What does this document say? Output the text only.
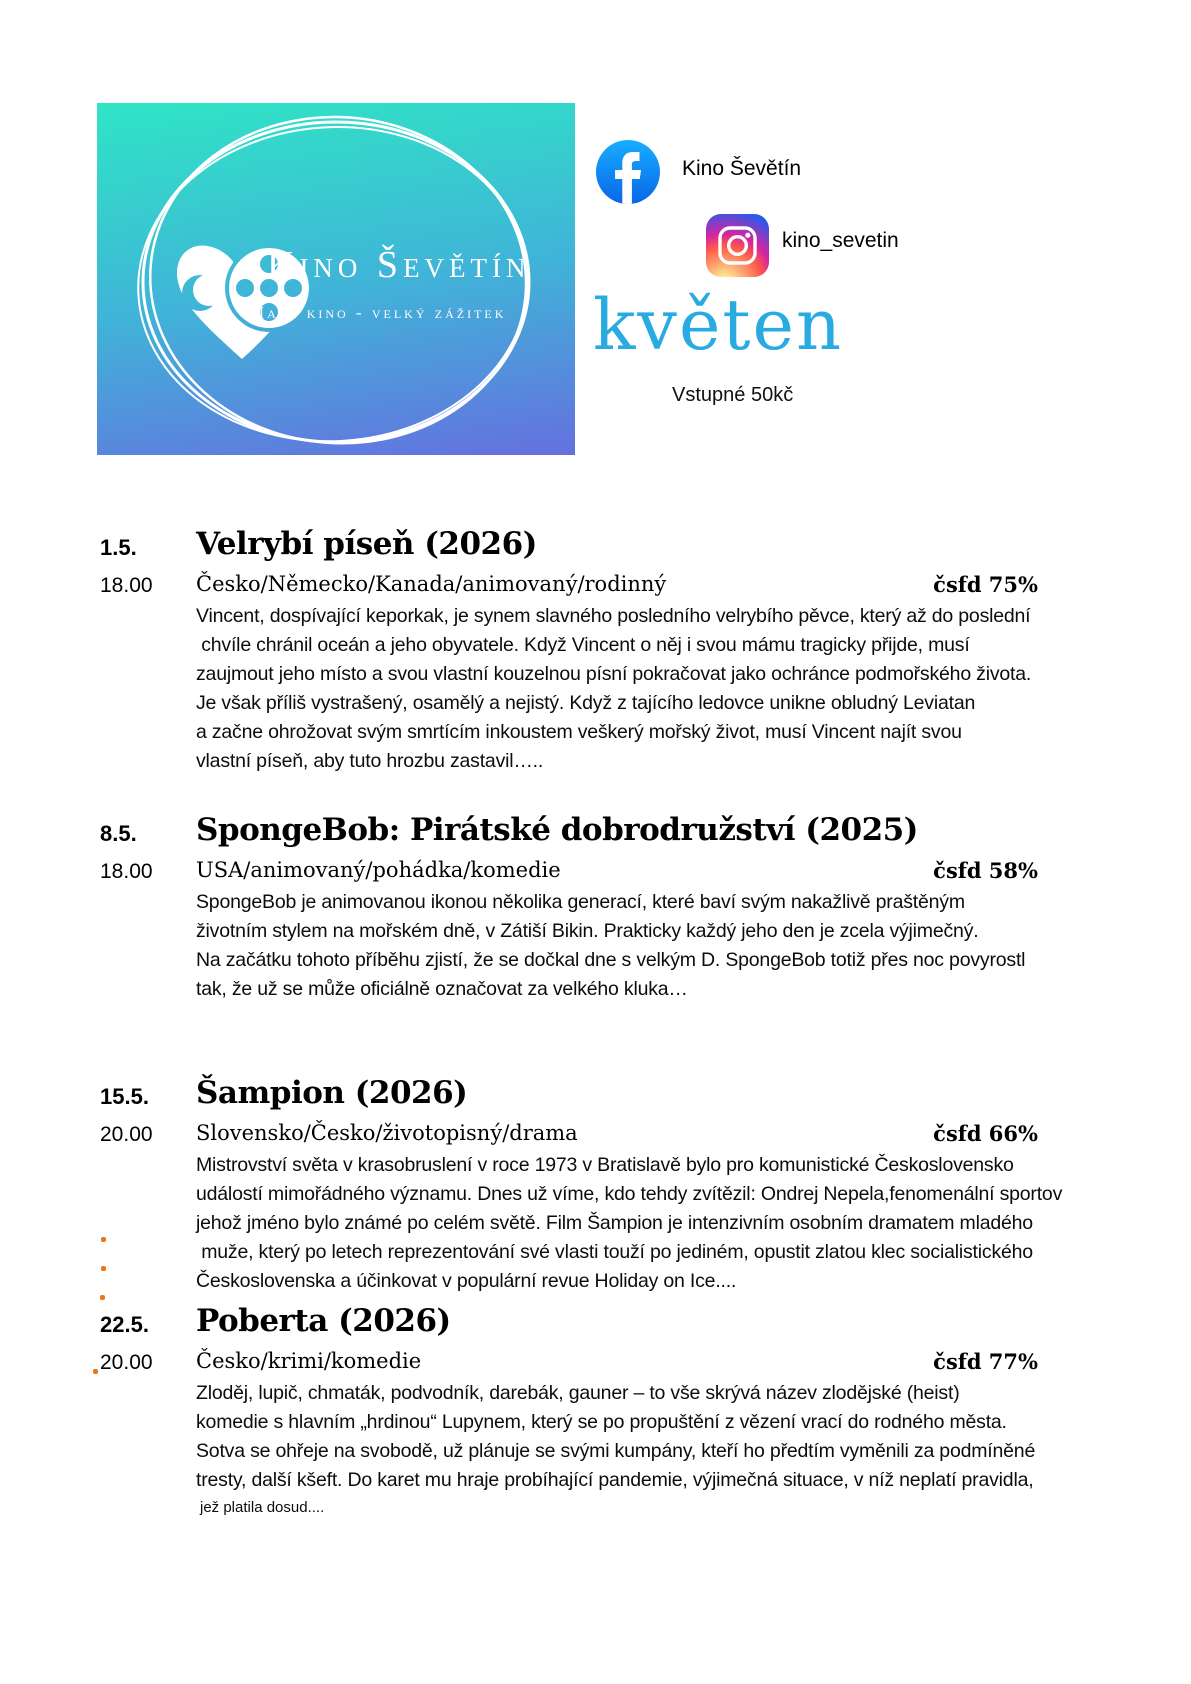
Kino Ševětín
Malé kino - velký zážitek
Kino Ševětín
kino_sevetin
květen
Vstupné 50kč
1.5. Velrybí píseň (2026)
18.00 Česko/Německo/Kanada/animovaný/rodinný	čsfd 75%
Vincent, dospívající keporkak, je synem slavného posledního velrybího pěvce, který až do poslední
chvíle chránil oceán a jeho obyvatele. Když Vincent o něj i svou mámu tragicky přijde, musí
zaujmout jeho místo a svou vlastní kouzelnou písní pokračovat jako ochránce podmořského života.
Je však příliš vystrašený, osamělý a nejistý. Když z tajícího ledovce unikne obludný Leviatan
a začne ohrožovat svým smrtícím inkoustem veškerý mořský život, musí Vincent najít svou
vlastní píseň, aby tuto hrozbu zastavil…..
8.5. SpongeBob: Pirátské dobrodružství (2025)
18.00 USA/animovaný/pohádka/komedie	čsfd 58%
SpongeBob je animovanou ikonou několika generací, které baví svým nakažlivě praštěným
životním stylem na mořském dně, v Zátiší Bikin. Prakticky každý jeho den je zcela výjimečný.
Na začátku tohoto příběhu zjistí, že se dočkal dne s velkým D. SpongeBob totiž přes noc povyrostl
tak, že už se může oficiálně označovat za velkého kluka…
15.5. Šampion (2026)
20.00 Slovensko/Česko/životopisný/drama	čsfd 66%
Mistrovství světa v krasobruslení v roce 1973 v Bratislavě bylo pro komunistické Československo
událostí mimořádného významu. Dnes už víme, kdo tehdy zvítězil: Ondrej Nepela,fenomenální sportov
jehož jméno bylo známé po celém světě. Film Šampion je intenzivním osobním dramatem mladého
muže, který po letech reprezentování své vlasti touží po jediném, opustit zlatou klec socialistického
Československa a účinkovat v populární revue Holiday on Ice....
22.5. Poberta (2026)
20.00 Česko/krimi/komedie	čsfd 77%
Zloděj, lupič, chmaták, podvodník, darebák, gauner – to vše skrývá název zlodějské (heist)
komedie s hlavním „hrdinou“ Lupynem, který se po propuštění z vězení vrací do rodného města.
Sotva se ohřeje na svobodě, už plánuje se svými kumpány, kteří ho předtím vyměnili za podmíněné
tresty, další kšeft. Do karet mu hraje probíhající pandemie, výjimečná situace, v níž neplatí pravidla,
jež platila dosud....
